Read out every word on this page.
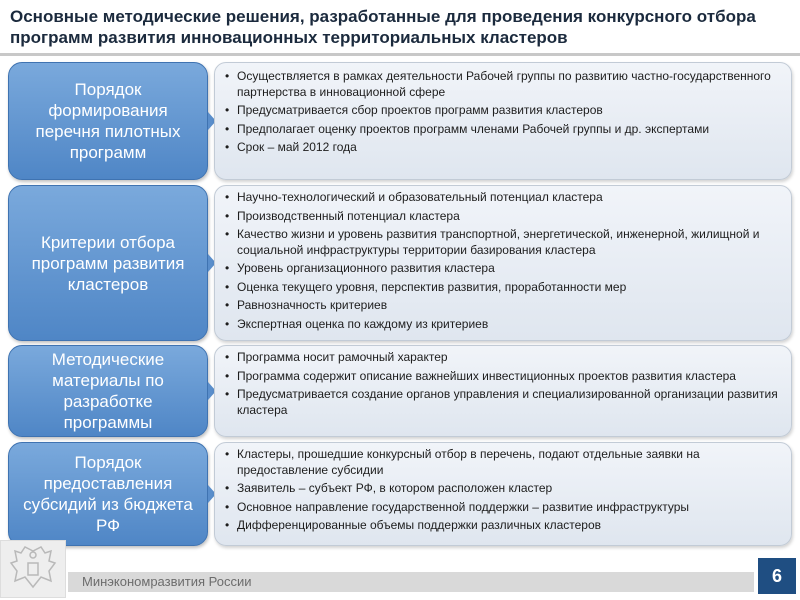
Основные методические решения, разработанные для проведения конкурсного отбора программ развития инновационных территориальных кластеров
Порядок формирования перечня пилотных программ
• Осуществляется в рамках деятельности Рабочей группы по развитию частно-государственного партнерства в инновационной сфере
• Предусматривается сбор проектов программ развития кластеров
• Предполагает оценку проектов программ членами Рабочей группы и др. экспертами
• Срок – май 2012 года
Критерии отбора программ развития кластеров
• Научно-технологический и образовательный потенциал кластера
• Производственный потенциал кластера
• Качество жизни и уровень развития транспортной, энергетической, инженерной, жилищной и социальной инфраструктуры территории базирования кластера
• Уровень организационного развития кластера
• Оценка текущего уровня, перспектив развития, проработанности мер
• Равнозначность критериев
• Экспертная оценка по каждому из критериев
Методические материалы по разработке программы
• Программа носит рамочный характер
• Программа содержит описание важнейших инвестиционных проектов развития кластера
• Предусматривается создание органов управления и специализированной организации развития кластера
Порядок предоставления субсидий из бюджета РФ
• Кластеры, прошедшие конкурсный отбор в перечень, подают отдельные заявки на предоставление субсидии
• Заявитель – субъект РФ, в котором расположен кластер
• Основное направление государственной поддержки – развитие инфраструктуры
• Дифференцированные объемы поддержки различных кластеров
Минэкономразвития России	6
